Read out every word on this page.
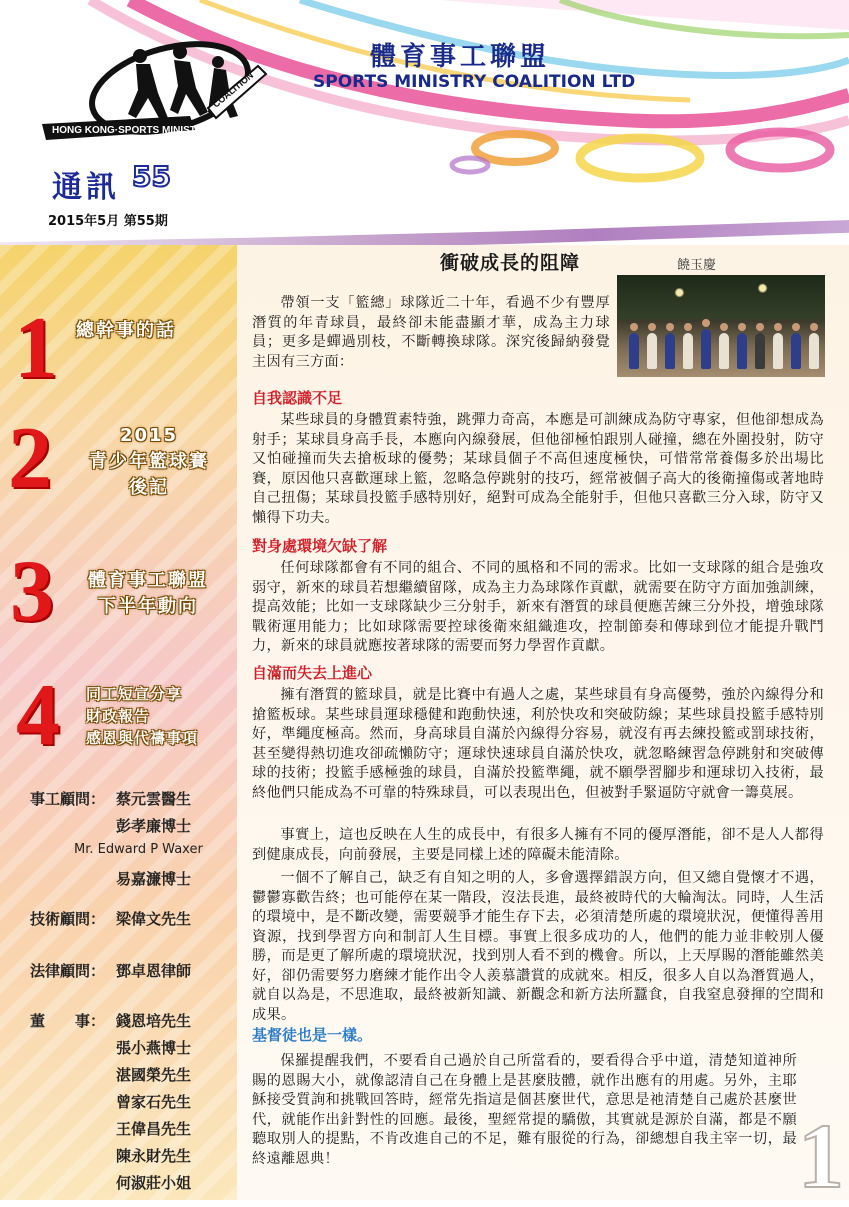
HONG KONG·SPORTS MINISTRY
COALITION
體育事工聯盟
SPORTS MINISTRY COALITION LTD
通訊 55
2015年5月 第55期
1 總幹事的話
2	2015
青少年籃球賽
後記
3	體育事工聯盟
下半年動向
4 同工短宣分享
財政報告
感恩與代禱事項
事工顧問： 蔡元雲醫生
彭孝廉博士
Mr. Edward P Waxer
易嘉濂博士
技術顧問： 梁偉文先生
法律顧問： 鄧卓恩律師
董　　事： 錢恩培先生
張小燕博士
湛國榮先生
曾家石先生
王偉昌先生
陳永財先生
何淑莊小姐
衝破成長的阻障	饒玉慶
帶領一支「籃總」球隊近二十年，看過不少有豐厚潛質的年青球員，最終卻未能盡顯才華，成為主力球員；更多是蟬過別枝，不斷轉換球隊。深究後歸納發覺主因有三方面：
自我認識不足
某些球員的身體質素特強，跳彈力奇高，本應是可訓練成為防守專家，但他卻想成為射手；某球員身高手長，本應向內線發展，但他卻極怕跟別人碰撞，總在外圍投射，防守又怕碰撞而失去搶板球的優勢；某球員個子不高但速度極快，可惜常常養傷多於出場比賽，原因他只喜歡運球上籃，忽略急停跳射的技巧，經常被個子高大的後衛撞傷或著地時自己扭傷；某球員投籃手感特別好，絕對可成為全能射手，但他只喜歡三分入球，防守又懶得下功夫。
對身處環境欠缺了解
任何球隊都會有不同的組合、不同的風格和不同的需求。比如一支球隊的組合是強攻弱守，新來的球員若想繼續留隊，成為主力為球隊作貢獻，就需要在防守方面加強訓練，提高效能；比如一支球隊缺少三分射手，新來有潛質的球員便應苦練三分外投，增強球隊戰術運用能力；比如球隊需要控球後衛來組織進攻，控制節奏和傳球到位才能提升戰鬥力，新來的球員就應按著球隊的需要而努力學習作貢獻。
自滿而失去上進心
擁有潛質的籃球員，就是比賽中有過人之處，某些球員有身高優勢，強於內線得分和搶籃板球。某些球員運球穩健和跑動快速，利於快攻和突破防線；某些球員投籃手感特別好，準繩度極高。然而，身高球員自滿於內線得分容易，就沒有再去練投籃或罰球技術，甚至變得熱切進攻卻疏懶防守；運球快速球員自滿於快攻，就忽略練習急停跳射和突破傳球的技術；投籃手感極強的球員，自滿於投籃準繩，就不願學習腳步和運球切入技術，最終他們只能成為不可靠的特殊球員，可以表現出色，但被對手緊逼防守就會一籌莫展。
事實上，這也反映在人生的成長中，有很多人擁有不同的優厚潛能，卻不是人人都得到健康成長，向前發展，主要是同樣上述的障礙未能清除。
一個不了解自己，缺乏有自知之明的人，多會選擇錯誤方向，但又總自覺懷才不遇，鬱鬱寡歡告終；也可能停在某一階段，沒法長進，最終被時代的大輪淘汰。同時，人生活的環境中，是不斷改變，需要競爭才能生存下去，必須清楚所處的環境狀況，便懂得善用資源，找到學習方向和制訂人生目標。事實上很多成功的人，他們的能力並非較別人優勝，而是更了解所處的環境狀況，找到別人看不到的機會。所以，上天厚賜的潛能雖然美好，卻仍需要努力磨練才能作出令人羨慕讚賞的成就來。相反，很多人自以為潛質過人，就自以為是，不思進取，最終被新知識、新觀念和新方法所蠶食，自我窒息發揮的空間和成果。
基督徒也是一樣。
保羅提醒我們，不要看自己過於自己所當看的，要看得合乎中道，清楚知道神所賜的恩賜大小，就像認清自己在身體上是甚麼肢體，就作出應有的用處。另外，主耶穌接受質詢和挑戰回答時，經常先指這是個甚麼世代，意思是祂清楚自己處於甚麼世代，就能作出針對性的回應。最後，聖經常提的驕傲，其實就是源於自滿，都是不願聽取別人的提點，不肯改進自己的不足，難有服從的行為，卻總想自我主宰一切，最終遠離恩典！	1
